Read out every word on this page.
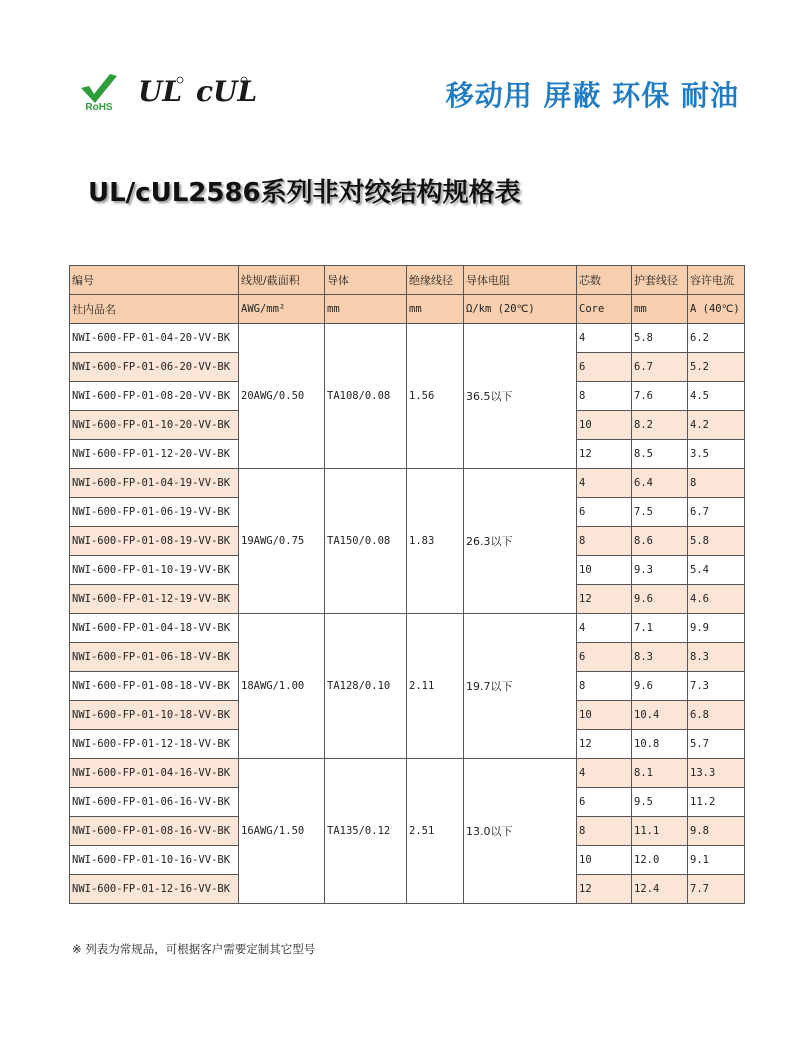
RoHS UL cUL	移动用 屏蔽 环保 耐油
UL/cUL2586系列非对绞结构规格表
编号	线规/截面积	导体	绝缘线径	导体电阻	芯数	护套线径	容许电流
社内品名	AWG/mm²	mm	mm	Ω/km (20℃)	Core	mm	A (40℃)
NWI-600-FP-01-04-20-VV-BK	20AWG/0.50	TA108/0.08	1.56	36.5以下	4	5.8	6.2
NWI-600-FP-01-06-20-VV-BK					6	6.7	5.2
NWI-600-FP-01-08-20-VV-BK					8	7.6	4.5
NWI-600-FP-01-10-20-VV-BK					10	8.2	4.2
NWI-600-FP-01-12-20-VV-BK					12	8.5	3.5
NWI-600-FP-01-04-19-VV-BK	19AWG/0.75	TA150/0.08	1.83	26.3以下	4	6.4	8
NWI-600-FP-01-06-19-VV-BK					6	7.5	6.7
NWI-600-FP-01-08-19-VV-BK					8	8.6	5.8
NWI-600-FP-01-10-19-VV-BK					10	9.3	5.4
NWI-600-FP-01-12-19-VV-BK					12	9.6	4.6
NWI-600-FP-01-04-18-VV-BK	18AWG/1.00	TA128/0.10	2.11	19.7以下	4	7.1	9.9
NWI-600-FP-01-06-18-VV-BK					6	8.3	8.3
NWI-600-FP-01-08-18-VV-BK					8	9.6	7.3
NWI-600-FP-01-10-18-VV-BK					10	10.4	6.8
NWI-600-FP-01-12-18-VV-BK					12	10.8	5.7
NWI-600-FP-01-04-16-VV-BK	16AWG/1.50	TA135/0.12	2.51	13.0以下	4	8.1	13.3
NWI-600-FP-01-06-16-VV-BK					6	9.5	11.2
NWI-600-FP-01-08-16-VV-BK					8	11.1	9.8
NWI-600-FP-01-10-16-VV-BK					10	12.0	9.1
NWI-600-FP-01-12-16-VV-BK					12	12.4	7.7
※ 列表为常规品，可根据客户需要定制其它型号
